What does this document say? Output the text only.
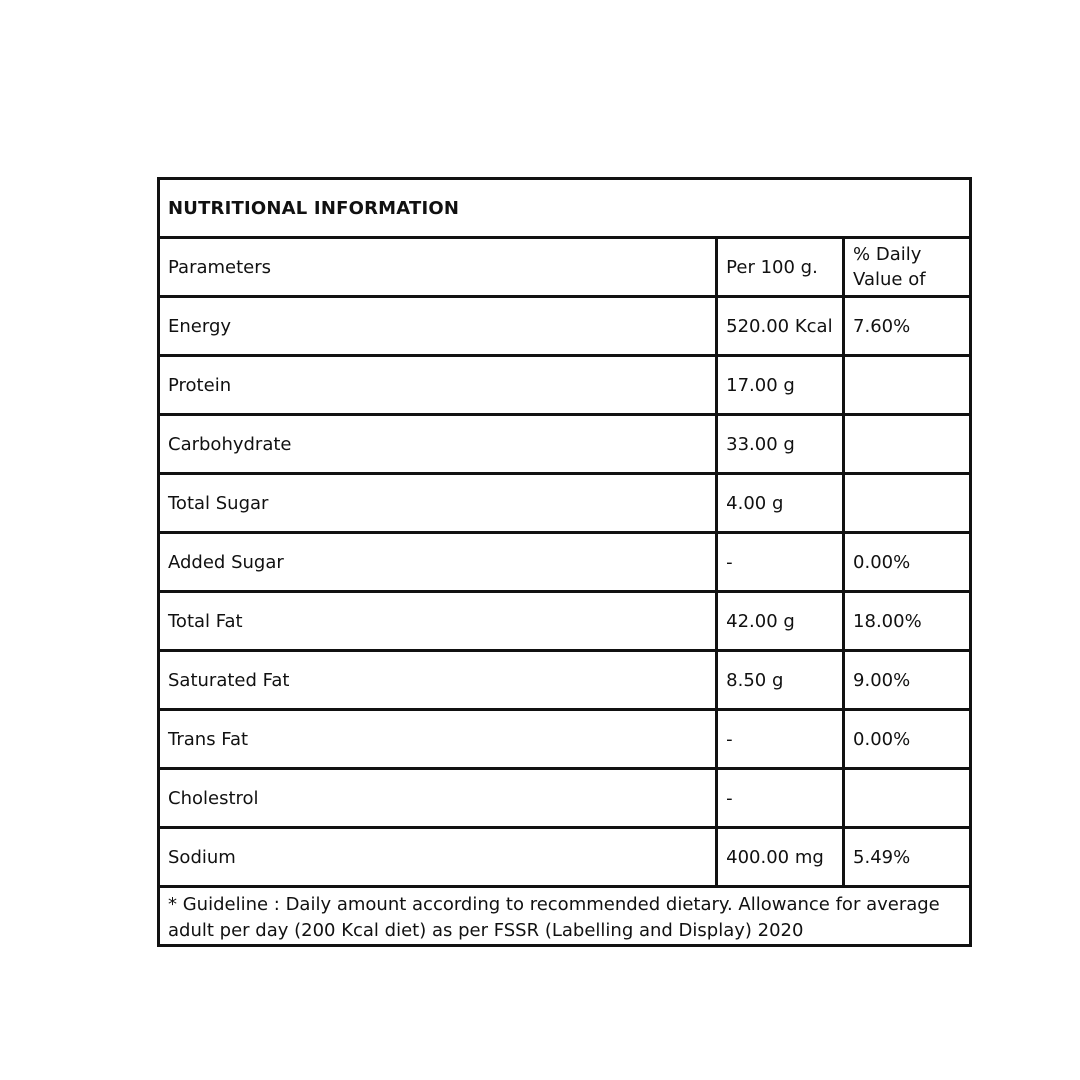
NUTRITIONAL INFORMATION		
Parameters	Per 100 g.	% Daily Value of
Energy	520.00 Kcal	7.60%
Protein	17.00 g	
Carbohydrate	33.00 g	
Total Sugar	4.00 g	
Added Sugar	-	0.00%
Total Fat	42.00 g	18.00%
Saturated Fat	8.50 g	9.00%
Trans Fat	-	0.00%
Cholestrol	-	
Sodium	400.00 mg	5.49%
* Guideline : Daily amount according to recommended dietary. Allowance for average adult per day (200 Kcal diet) as per FSSR (Labelling and Display) 2020		
